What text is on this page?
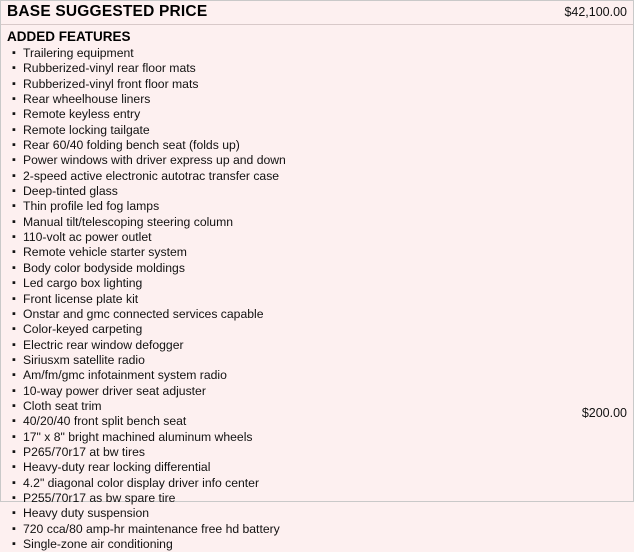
BASE SUGGESTED PRICE	$42,100.00
ADDED FEATURES
▪ Trailering equipment
▪ Rubberized-vinyl rear floor mats
▪ Rubberized-vinyl front floor mats
▪ Rear wheelhouse liners
▪ Remote keyless entry
▪ Remote locking tailgate
▪ Rear 60/40 folding bench seat (folds up)
▪ Power windows with driver express up and down
▪ 2-speed active electronic autotrac transfer case
▪ Deep-tinted glass
▪ Thin profile led fog lamps
▪ Manual tilt/telescoping steering column
▪ 110-volt ac power outlet
▪ Remote vehicle starter system
▪ Body color bodyside moldings
▪ Led cargo box lighting
▪ Front license plate kit
▪ Onstar and gmc connected services capable
▪ Color-keyed carpeting
▪ Electric rear window defogger
▪ Siriusxm satellite radio
▪ Am/fm/gmc infotainment system radio
▪ 10-way power driver seat adjuster
▪ Cloth seat trim
▪ 40/20/40 front split bench seat
▪ 17" x 8" bright machined aluminum wheels
▪ P265/70r17 at bw tires
▪ Heavy-duty rear locking differential
▪ 4.2" diagonal color display driver info center
▪ P255/70r17 as bw spare tire
▪ Heavy duty suspension
▪ 720 cca/80 amp-hr maintenance free hd battery
▪ Single-zone air conditioning
$200.00
